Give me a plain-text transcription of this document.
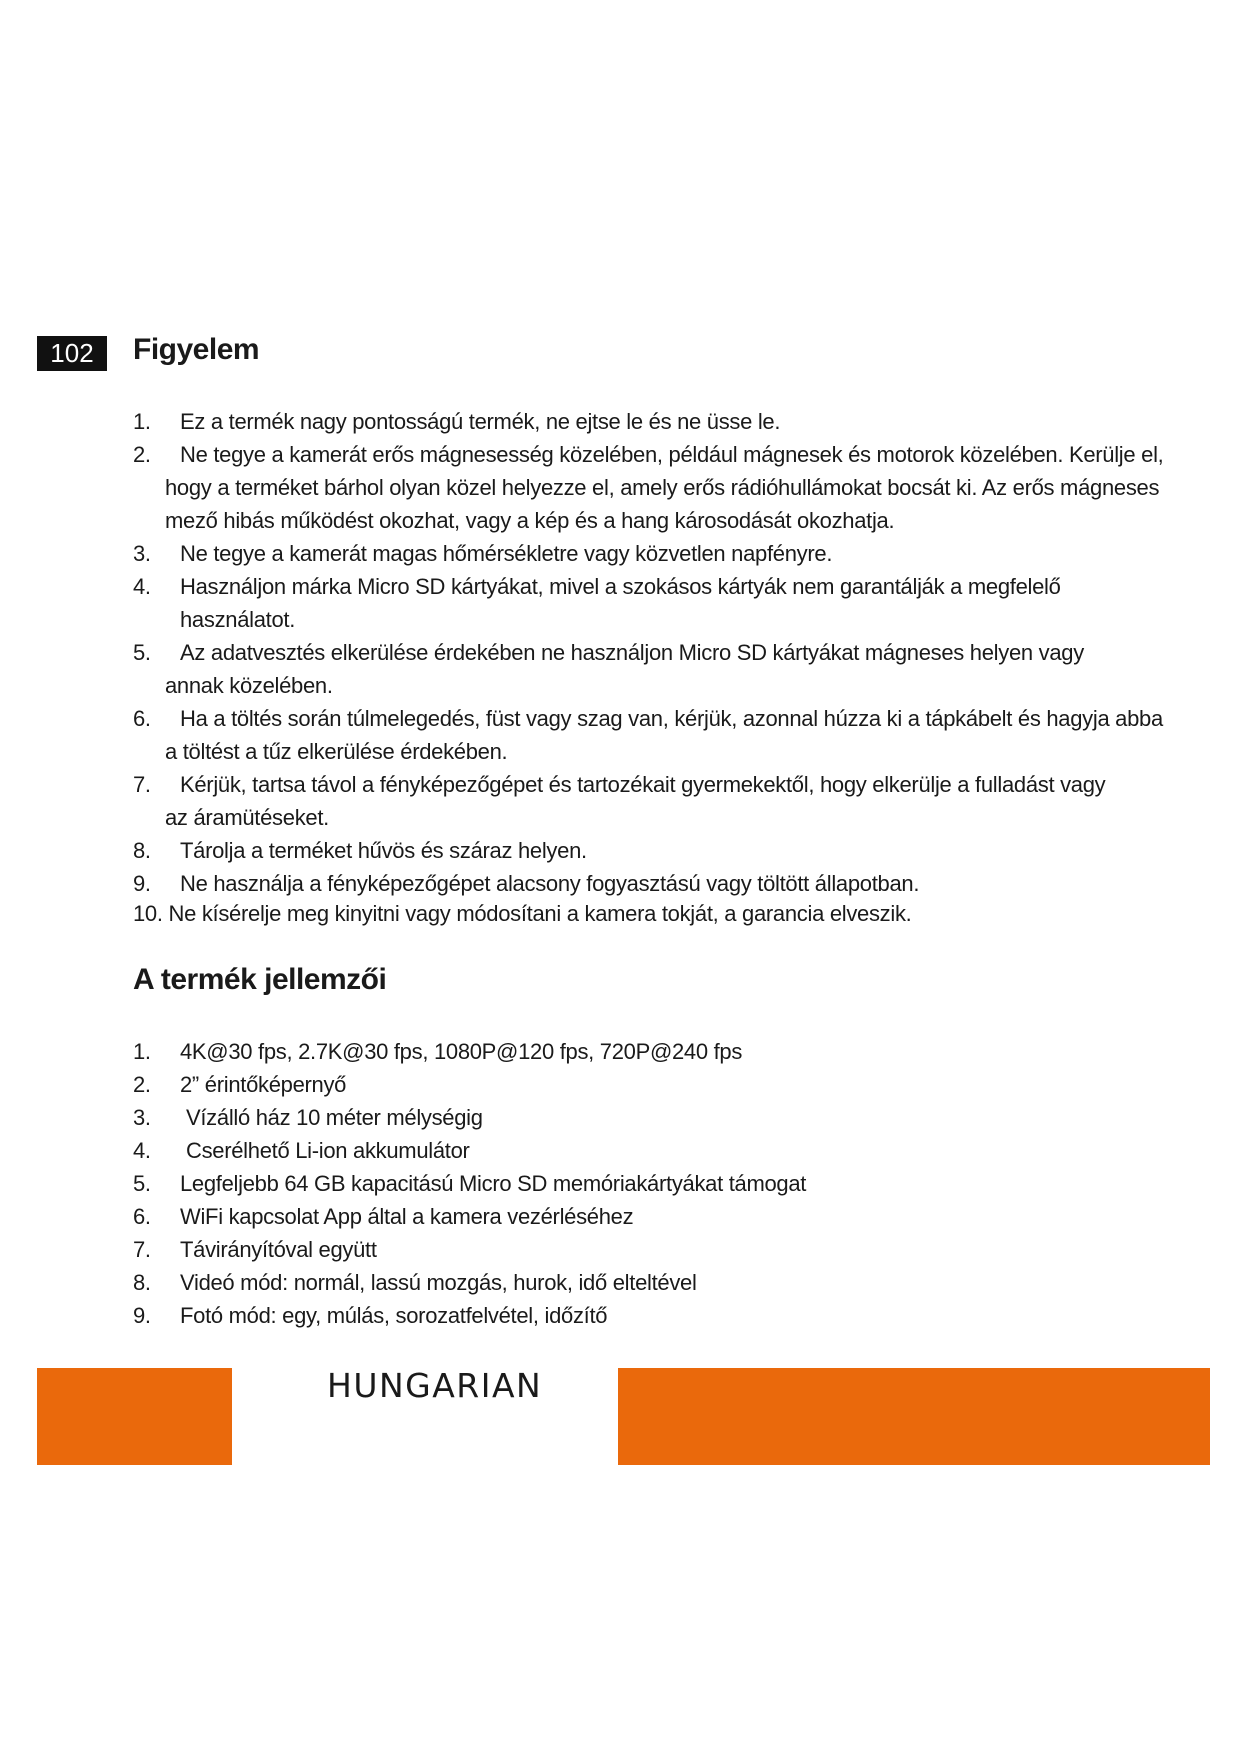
102	Figyelem
1. Ez a termék nagy pontosságú termék, ne ejtse le és ne üsse le.
2.	Ne tegye a kamerát erős mágnesesség közelében, például mágnesek és motorok közelében. Kerülje el, hogy a terméket bárhol olyan közel helyezze el, amely erős rádióhullámokat bocsát ki. Az erős mágneses mező hibás működést okozhat, vagy a kép és a hang károsodását okozhatja.
3. Ne tegye a kamerát magas hőmérsékletre vagy közvetlen napfényre.
4. Használjon márka Micro SD kártyákat, mivel a szokásos kártyák nem garantálják a megfelelő használatot.
5.	Az adatvesztés elkerülése érdekében ne használjon Micro SD kártyákat mágneses helyen vagy annak közelében.
6.	Ha a töltés során túlmelegedés, füst vagy szag van, kérjük, azonnal húzza ki a tápkábelt és hagyja abba a töltést a tűz elkerülése érdekében.
7.	Kérjük, tartsa távol a fényképezőgépet és tartozékait gyermekektől, hogy elkerülje a fulladást vagy az áramütéseket.
8. Tárolja a terméket hűvös és száraz helyen.
9. Ne használja a fényképezőgépet alacsony fogyasztású vagy töltött állapotban.
10. Ne kísérelje meg kinyitni vagy módosítani a kamera tokját, a garancia elveszik.
A termék jellemzői
1. 4K@30 fps, 2.7K@30 fps, 1080P@120 fps, 720P@240 fps
2. 2” érintőképernyő
3. Vízálló ház 10 méter mélységig
4. Cserélhető Li-ion akkumulátor
5. Legfeljebb 64 GB kapacitású Micro SD memóriakártyákat támogat
6. WiFi kapcsolat App által a kamera vezérléséhez
7. Távirányítóval együtt
8. Videó mód: normál, lassú mozgás, hurok, idő elteltével
9. Fotó mód: egy, múlás, sorozatfelvétel, időzítő
HUNGARIAN
